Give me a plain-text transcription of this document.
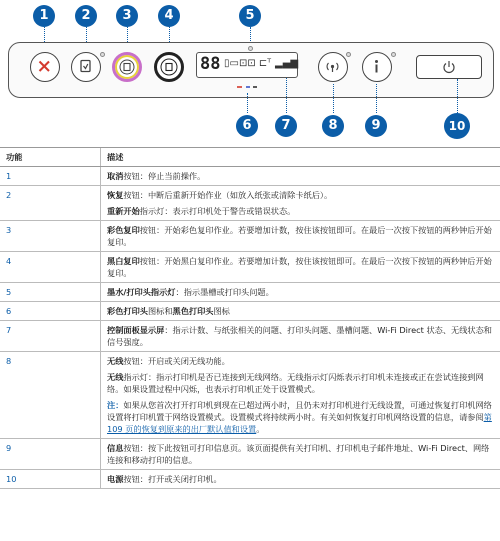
1	2	3	4	5
88 ▯▭⊡⊡ ⊏ᵀ ▂▄▆
6	7	8	9	10
功能	描述
1	取消按钮：停止当前操作。
2	恢复按钮：中断后重新开始作业（如放入纸张或清除卡纸后）。
重新开始指示灯：表示打印机处于警告或错误状态。

3	彩色复印按钮：开始彩色复印作业。若要增加计数，按住该按钮即可。在最后一次按下按钮的两秒钟后开始复印。
4	黑白复印按钮：开始黑白复印作业。若要增加计数，按住该按钮即可。在最后一次按下按钮的两秒钟后开始复印。
5	墨水/打印头指示灯：指示墨槽或打印头问题。
6	彩色打印头图标和黑色打印头图标
7	控制面板显示屏：指示计数、与纸张相关的问题、打印头问题、墨槽问题、Wi-Fi Direct 状态、无线状态和信号强度。
8	无线按钮：开启或关闭无线功能。
无线指示灯：指示打印机是否已连接到无线网络。无线指示灯闪烁表示打印机未连接或正在尝试连接到网络。如果设置过程中闪烁，也表示打印机正处于设置模式。
注：如果从您首次打开打印机到现在已超过两小时，且仍未对打印机进行无线设置，可通过恢复打印机网络设置将打印机置于网络设置模式。设置模式将持续两小时。有关如何恢复打印机网络设置的信息，请参阅第 109 页的恢复到原来的出厂默认值和设置。

9	信息按钮：按下此按钮可打印信息页。该页面提供有关打印机、打印机电子邮件地址、Wi-Fi Direct、网络连接和移动打印的信息。
10	电源按钮：打开或关闭打印机。
